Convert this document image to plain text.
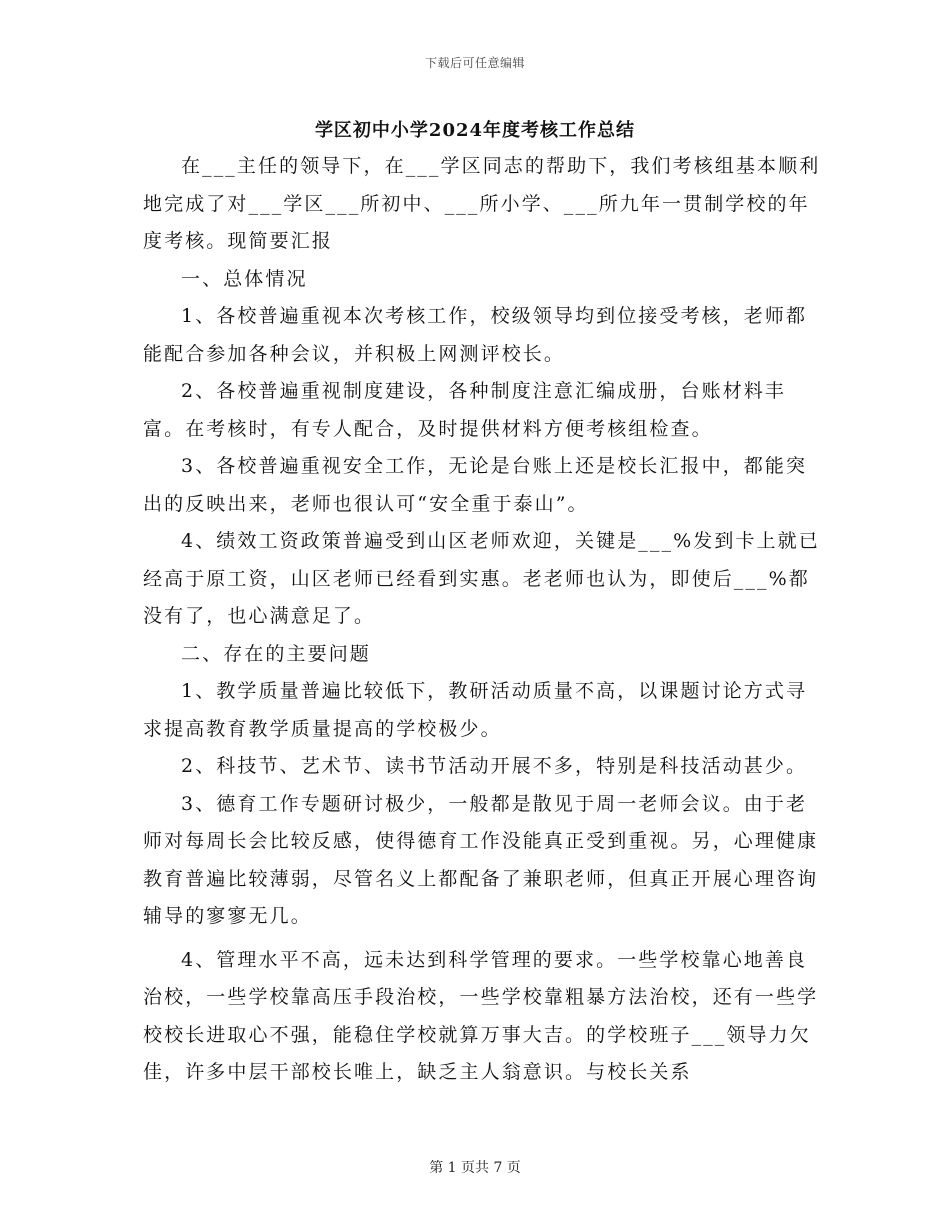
下载后可任意编辑
学区初中小学2024年度考核工作总结

在___主任的领导下，在___学区同志的帮助下，我们考核组基本顺利地完成了对___学区___所初中、___所小学、___所九年一贯制学校的年度考核。现简要汇报

一、总体情况

1、各校普遍重视本次考核工作，校级领导均到位接受考核，老师都能配合参加各种会议，并积极上网测评校长。

2、各校普遍重视制度建设，各种制度注意汇编成册，台账材料丰富。在考核时，有专人配合，及时提供材料方便考核组检查。

3、各校普遍重视安全工作，无论是台账上还是校长汇报中，都能突出的反映出来，老师也很认可“安全重于泰山”。

4、绩效工资政策普遍受到山区老师欢迎，关键是___%发到卡上就已经高于原工资，山区老师已经看到实惠。老老师也认为，即使后___%都没有了，也心满意足了。

二、存在的主要问题

1、教学质量普遍比较低下，教研活动质量不高，以课题讨论方式寻求提高教育教学质量提高的学校极少。

2、科技节、艺术节、读书节活动开展不多，特别是科技活动甚少。

3、德育工作专题研讨极少，一般都是散见于周一老师会议。由于老师对每周长会比较反感，使得德育工作没能真正受到重视。另，心理健康教育普遍比较薄弱，尽管名义上都配备了兼职老师，但真正开展心理咨询辅导的寥寥无几。

4、管理水平不高，远未达到科学管理的要求。一些学校靠心地善良治校，一些学校靠高压手段治校，一些学校靠粗暴方法治校，还有一些学校校长进取心不强，能稳住学校就算万事大吉。的学校班子___领导力欠佳，许多中层干部校长唯上，缺乏主人翁意识。与校长关系

第 1 页共 7 页
